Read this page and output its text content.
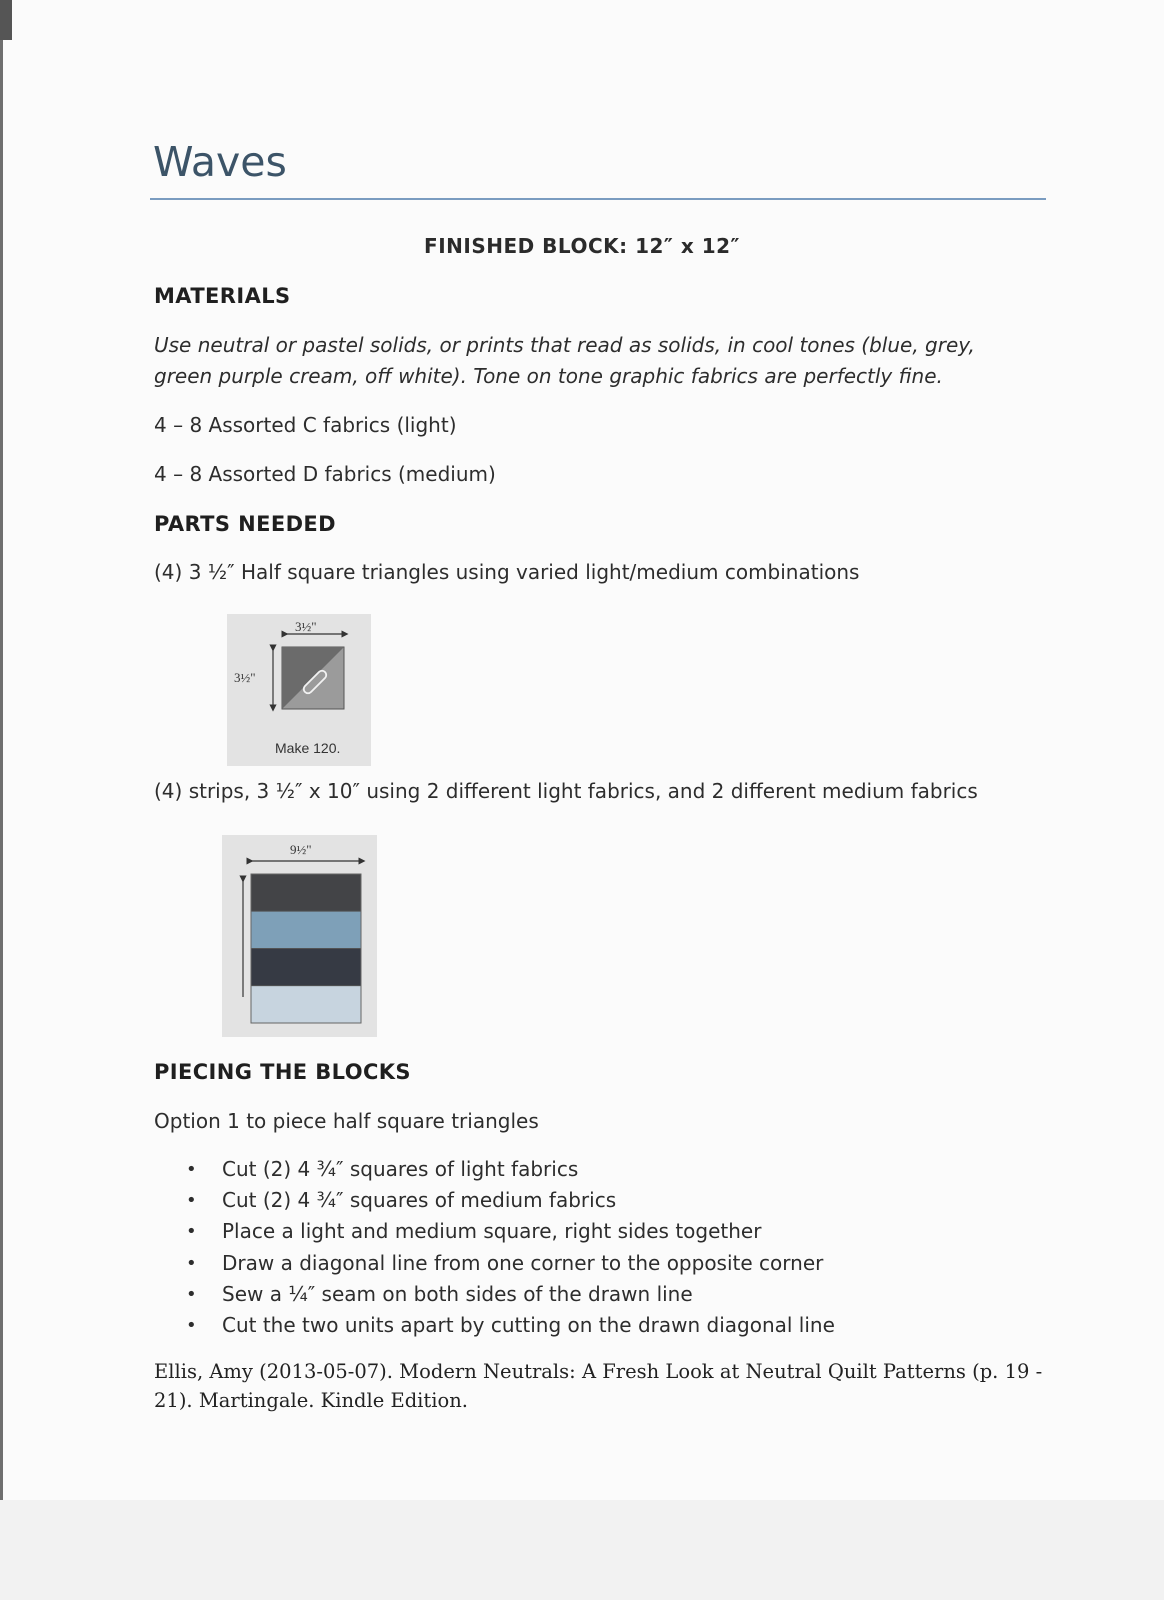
Waves
FINISHED BLOCK: 12″ x 12″
MATERIALS

Use neutral or pastel solids, or prints that read as solids, in cool tones (blue, grey, green purple cream, off white). Tone on tone graphic fabrics are perfectly fine.

4 – 8 Assorted C fabrics (light)

4 – 8 Assorted D fabrics (medium)

PARTS NEEDED

(4) 3 ½″ Half square triangles using varied light/medium combinations

3½"
3½"
Make 120.

(4) strips, 3 ½″ x 10″ using 2 different light fabrics, and 2 different medium fabrics

9½"
PIECING THE BLOCKS

Option 1 to piece half square triangles

• Cut (2) 4 ¾″ squares of light fabrics
• Cut (2) 4 ¾″ squares of medium fabrics
• Place a light and medium square, right sides together
• Draw a diagonal line from one corner to the opposite corner
• Sew a ¼″ seam on both sides of the drawn line
• Cut the two units apart by cutting on the drawn diagonal line

Ellis, Amy (2013-05-07). Modern Neutrals: A Fresh Look at Neutral Quilt Patterns (p. 19 - 21). Martingale. Kindle Edition.
